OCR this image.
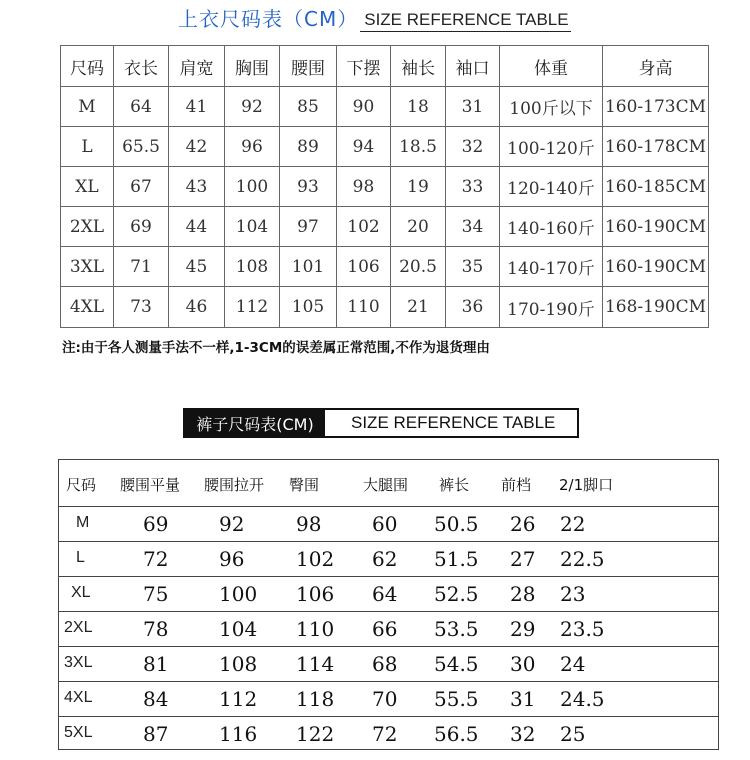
上衣尺码表（CM） SIZE REFERENCE TABLE
尺码	衣长	肩宽	胸围	腰围	下摆	袖长	袖口	体重	身高
M	64	41	92	85	90	18	31	100斤以下	160-173CM
L	65.5	42	96	89	94	18.5	32	100-120斤	160-178CM
XL	67	43	100	93	98	19	33	120-140斤	160-185CM
2XL	69	44	104	97	102	20	34	140-160斤	160-190CM
3XL	71	45	108	101	106	20.5	35	140-170斤	160-190CM
4XL	73	46	112	105	110	21	36	170-190斤	168-190CM
注:由于各人测量手法不一样,1-3CM的误差属正常范围,不作为退货理由
裤子尺码表(CM)	SIZE REFERENCE TABLE
尺码 腰围平量 腰围拉开 臀围	大腿围 裤长 前档 2/1脚口
M	69	92	98	60 50.5 26 22
L	72	96	102 62 51.5 27 22.5
XL	75	100 106 64 52.5 28 23
2XL	78	104 110 66 53.5 29 23.5
3XL	81	108 114 68 54.5 30 24
4XL	84	112 118 70 55.5 31 24.5
5XL	87	116 122 72 56.5 32 25
